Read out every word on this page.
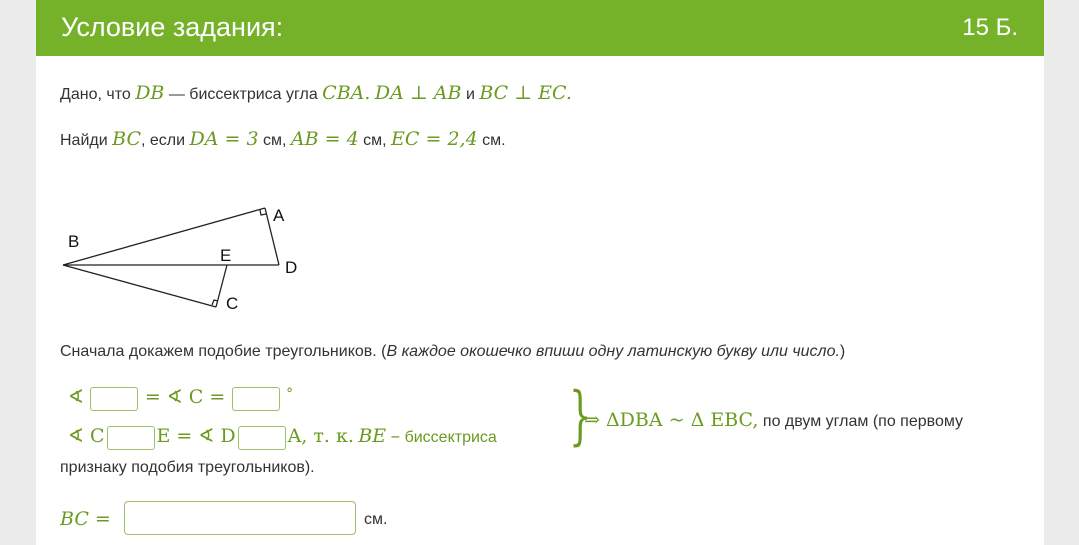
Условие задания:	15 Б.
Дано, что DB — биссектриса угла CBA. DA ⊥ AB и BC ⊥ EC.
Найди BC, если DA = 3 см, AB = 4 см, EC = 2,4 см.
B
A
E
D
C
Сначала докажем подобие треугольников. (В каждое окошечко впиши одну латинскую букву или число.)
∢	= ∢ C =	°
∢ C	E = ∢ D	A, т. к. BE – биссектриса }
⇒ ΔDBA ~ Δ EBC, по двум углам (по первому
признаку подобия треугольников).
BC =	см.
